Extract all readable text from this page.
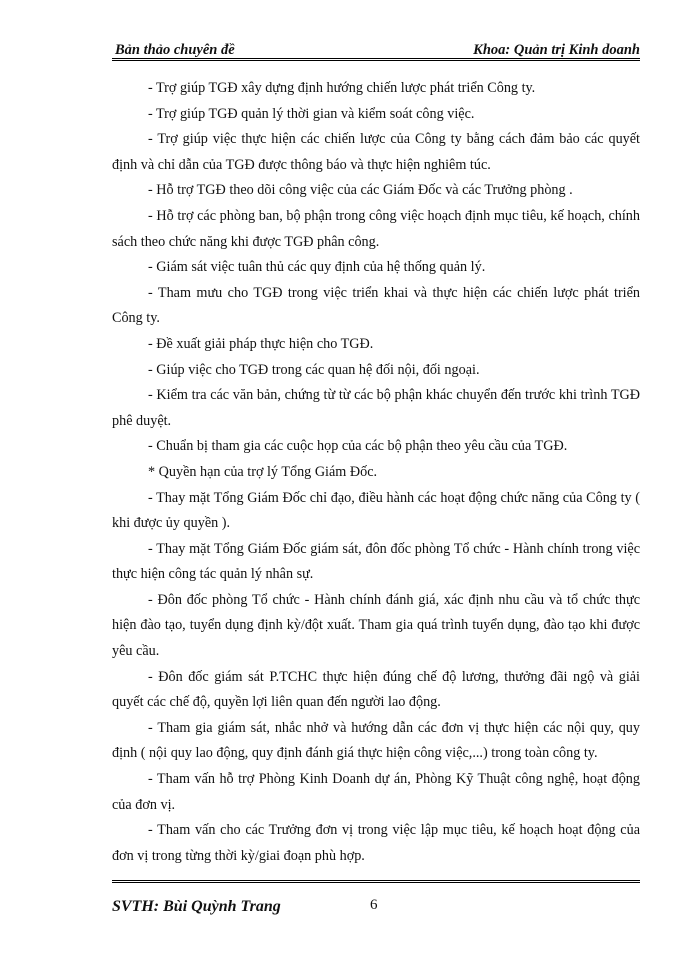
Bản thảo chuyên đề	Khoa: Quản trị Kinh doanh

- Trợ giúp TGĐ xây dựng định hướng chiến lược phát triển Công ty.

- Trợ giúp TGĐ quản lý thời gian và kiểm soát công việc.

- Trợ giúp việc thực hiện các chiến lược của Công ty bằng cách đảm bảo các quyết định và chỉ dẫn của TGĐ được thông báo và thực hiện nghiêm túc.

- Hỗ trợ TGĐ theo dõi công việc của các Giám Đốc và các Trưởng phòng .

- Hỗ trợ các phòng ban, bộ phận trong công việc hoạch định mục tiêu, kế hoạch, chính sách theo chức năng khi được TGĐ phân công.

- Giám sát việc tuân thủ các quy định của hệ thống quản lý.

- Tham mưu cho TGĐ trong việc triển khai và thực hiện các chiến lược phát triển Công ty.

- Đề xuất giải pháp thực hiện cho TGĐ.

- Giúp việc cho TGĐ trong các quan hệ đối nội, đối ngoại.

- Kiểm tra các văn bản, chứng từ từ các bộ phận khác chuyển đến trước khi trình TGĐ phê duyệt.

- Chuẩn bị tham gia các cuộc họp của các bộ phận theo yêu cầu của TGĐ.

* Quyền hạn của trợ lý Tổng Giám Đốc.

- Thay mặt Tổng Giám Đốc chỉ đạo, điều hành các hoạt động chức năng của Công ty ( khi được ủy quyền ).

- Thay mặt Tổng Giám Đốc giám sát, đôn đốc phòng Tổ chức - Hành chính trong việc thực hiện công tác quản lý nhân sự.

- Đôn đốc phòng Tổ chức - Hành chính đánh giá, xác định nhu cầu và tổ chức thực hiện đào tạo, tuyển dụng định kỳ/đột xuất. Tham gia quá trình tuyển dụng, đào tạo khi được yêu cầu.

- Đôn đốc giám sát P.TCHC thực hiện đúng chế độ lương, thưởng đãi ngộ và giải quyết các chế độ, quyền lợi liên quan đến người lao động.

- Tham gia giám sát, nhắc nhở và hướng dẫn các đơn vị thực hiện các nội quy, quy định ( nội quy lao động, quy định đánh giá thực hiện công việc,...) trong toàn công ty.

- Tham vấn hỗ trợ Phòng Kinh Doanh dự án, Phòng Kỹ Thuật công nghệ, hoạt động của đơn vị.

- Tham vấn cho các Trưởng đơn vị trong việc lập mục tiêu, kế hoạch hoạt động của đơn vị trong từng thời kỳ/giai đoạn phù hợp.

SVTH: Bùi Quỳnh Trang	6
